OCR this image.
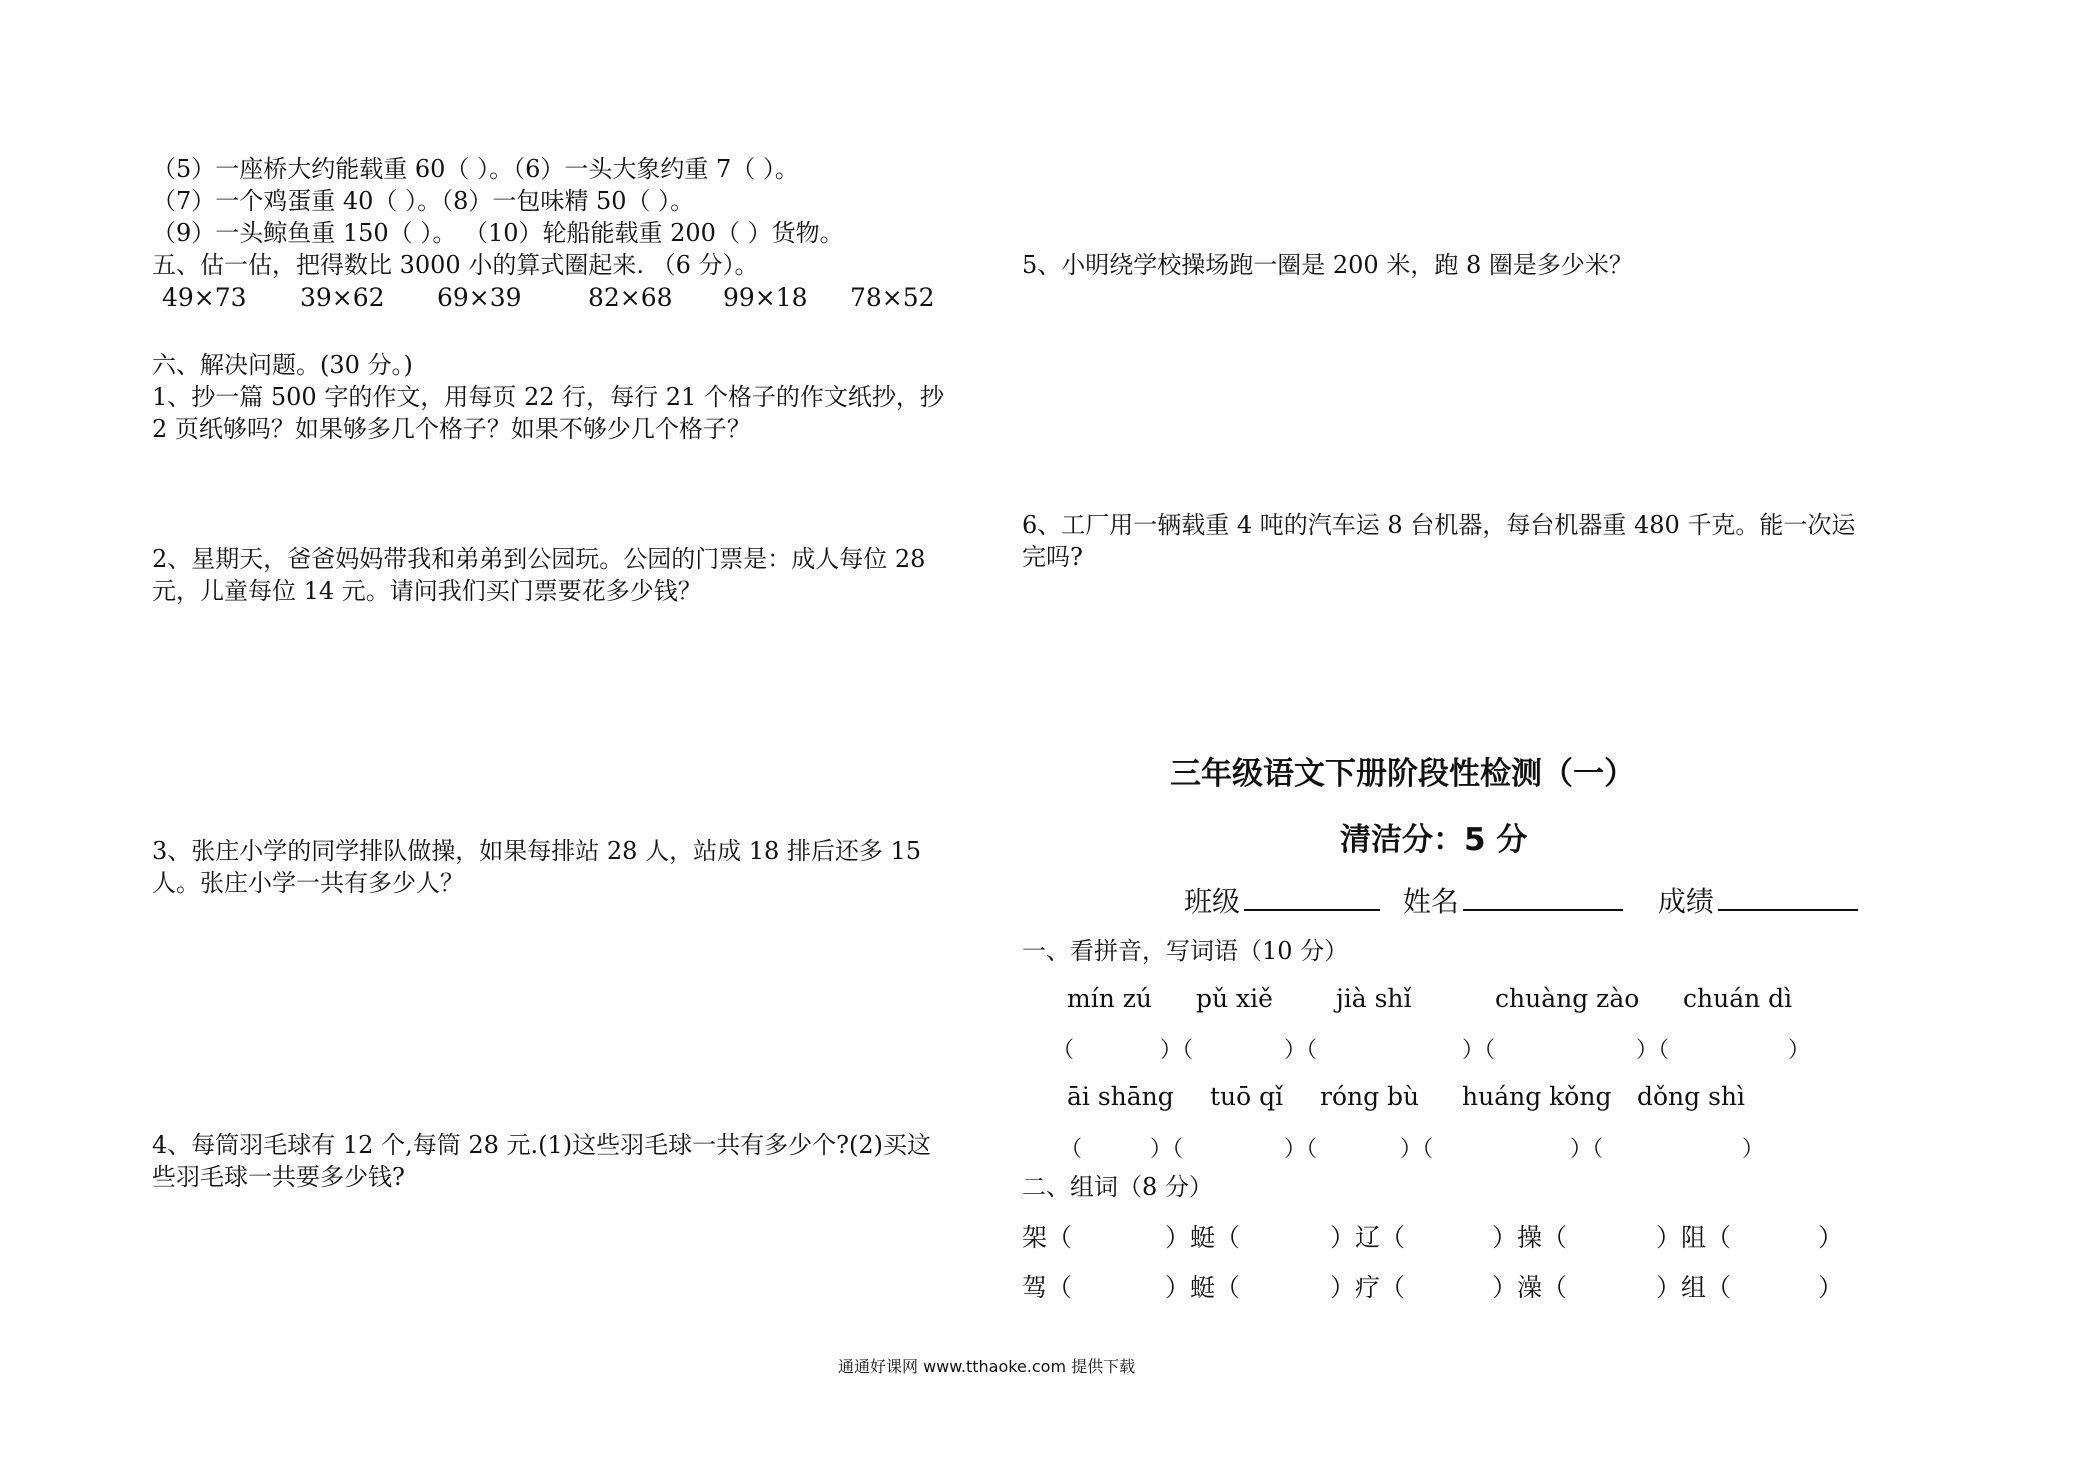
（5）一座桥大约能载重 60（ ）。（6）一头大象约重 7（ ）。
（7）一个鸡蛋重 40（ ）。（8）一包味精 50（ ）。
（9）一头鲸鱼重 150（ ）。 （10）轮船能载重 200（ ）货物。
五、估一估，把得数比 3000 小的算式圈起来. （6 分）。
49×73 39×62 69×39	82×68 99×18 78×52
六、解决问题。(30 分。)
1、抄一篇 500 字的作文，用每页 22 行，每行 21 个格子的作文纸抄，抄
2 页纸够吗？如果够多几个格子？如果不够少几个格子？
2、星期天，爸爸妈妈带我和弟弟到公园玩。公园的门票是：成人每位 28
元，儿童每位 14 元。请问我们买门票要花多少钱？
3、张庄小学的同学排队做操，如果每排站 28 人，站成 18 排后还多 15
人。张庄小学一共有多少人？
4、每筒羽毛球有 12 个,每筒 28 元.(1)这些羽毛球一共有多少个?(2)买这
些羽毛球一共要多少钱?
5、小明绕学校操场跑一圈是 200 米，跑 8 圈是多少米？
6、工厂用一辆载重 4 吨的汽车运 8 台机器，每台机器重 480 千克。能一次运
完吗?
三年级语文下册阶段性检测（一）
清洁分：5 分
班级	姓名	成绩
一、看拼音，写词语（10 分）
mín zú pǔ xiě	jià shǐ	chuàng zào chuán dì
（	）（	）（	）（	）（	）
āi shāng tuō qǐ róng bù huáng kǒng dǒng shì
（	）（	）（	）（	）（	）
二、组词（8 分）
架（	）蜓（	）辽（	）操（	）阻（	）
驾（	）蜓（	）疗（	）澡（	）组（	）
通通好课网 www.tthaoke.com 提供下载
